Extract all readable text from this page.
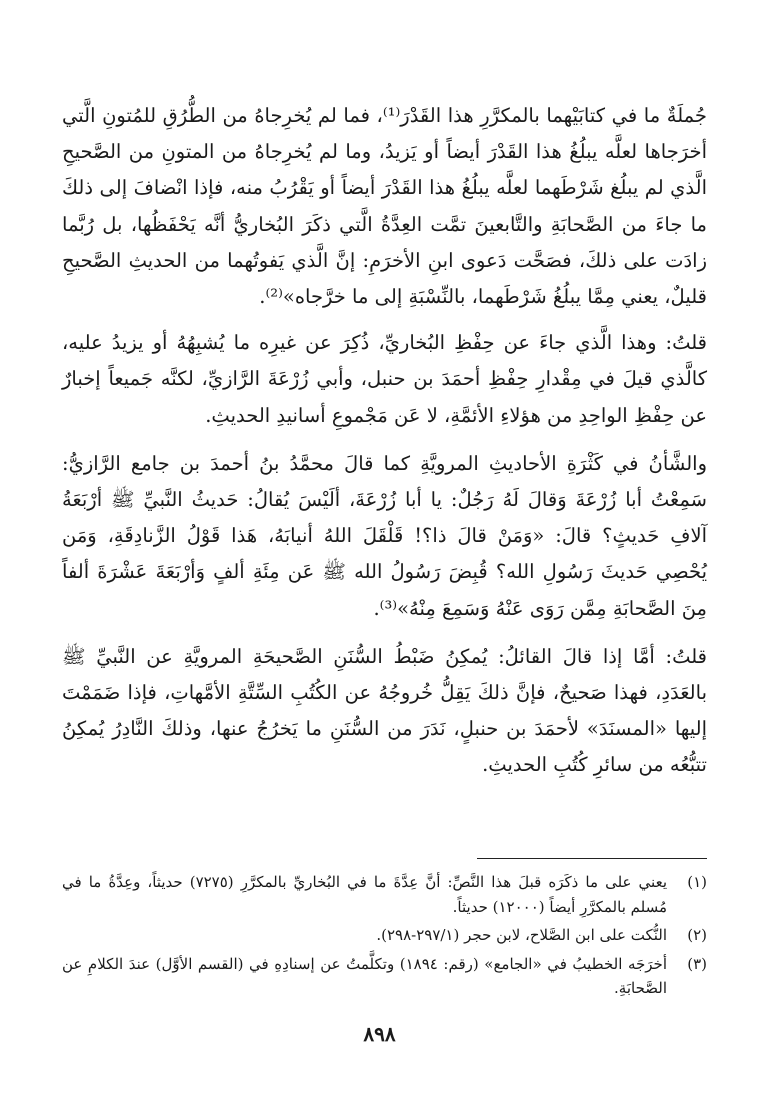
جُملَةٌ ما في كتابَيْهما بالمكرَّرِ هذا القَدْرَ⁽¹⁾، فما لم يُخرِجاهُ من الطُّرُقِ للمُتونِ الَّتي أخرَجاها لعلَّه يبلُغُ هذا القَدْرَ أيضاً أو يَزيدُ، وما لم يُخرِجاهُ من المتونِ من الصَّحيحِ الَّذي لم يبلُغ شَرْطَهما لعلَّه يبلُغُ هذا القَدْرَ أيضاً أو يَقْرُبُ منه، فإذا انْضافَ إلى ذلكَ ما جاءَ من الصَّحابَةِ والتَّابعينَ تمَّت العِدَّةُ الَّتي ذكَرَ البُخاريُّ أنَّه يَحْفَظُها، بل رُبَّما زادَت على ذلكَ، فصَحَّت دَعوى ابنِ الأخرَمِ: إنَّ الَّذي يَفوتُهما من الحديثِ الصَّحيحِ قليلٌ، يعني مِمَّا يبلُغُ شَرْطَهما، بالنِّسْبَةِ إلى ما خرَّجاه»⁽²⁾.

قلتُ: وهذا الَّذي جاءَ عن حِفْظِ البُخاريِّ، ذُكِرَ عن غيرِه ما يُشبِهُهُ أو يزيدُ عليه، كالَّذي قيلَ في مِقْدارِ حِفْظِ أحمَدَ بن حنبل، وأبي زُرْعَةَ الرَّازيِّ، لكنَّه جَميعاً إخبارٌ عن حِفْظِ الواحِدِ من هؤلاءِ الأئمَّةِ، لا عَن مَجْموعِ أسانيدِ الحديثِ.

والشَّأنُ في كَثْرَةِ الأحاديثِ المرويَّةِ كما قالَ محمَّدُ بنُ أحمدَ بن جامع الرَّازيُّ: سَمِعْتُ أبا زُرْعَةَ وَقالَ لَهُ رَجُلٌ: يا أبا زُرْعَةَ، ألَيْسَ يُقالُ: حَديثُ النَّبيِّ ﷺ أرْبَعَةُ آلافِ حَديثٍ؟ قالَ: «وَمَنْ قالَ ذا؟! قَلْقَلَ اللهُ أنيابَهُ، هَذا قَوْلُ الزَّنادِقَةِ، وَمَن يُحْصِي حَديثَ رَسُولِ الله؟ قُبِضَ رَسُولُ الله ﷺ عَن مِئَةِ ألفٍ وَأرْبَعَةَ عَشْرَةَ ألفاً مِنَ الصَّحابَةِ مِمَّن رَوَى عَنْهُ وَسَمِعَ مِنْهُ»⁽³⁾.

قلتُ: أمَّا إذا قالَ القائلُ: يُمكِنُ ضَبْطُ السُّنَنِ الصَّحيحَةِ المرويَّةِ عن النَّبيِّ ﷺ بالعَدَدِ، فهذا صَحيحٌ، فإنَّ ذلكَ يَقِلُّ خُروجُهُ عن الكُتُبِ السِّتَّةِ الأمَّهاتِ، فإذا ضَمَمْتَ إليها «المسنَدَ» لأحمَدَ بن حنبلٍ، نَدَرَ من السُّنَنِ ما يَخرُجُ عنها، وذلكَ النَّادِرُ يُمكِنُ تتبُّعُه من سائرِ كُتُبِ الحديثِ.

(١)
يعني على ما ذكَرَه قبلَ هذا النَّصِّ: أنَّ عِدَّةَ ما في البُخاريِّ بالمكرَّرِ (٧٢٧٥) حديثاً، وعِدَّةُ ما في مُسلم بالمكرَّرِ أيضاً (١٢٠٠٠) حديثاً.
(٢)
النُّكت على ابن الصَّلاح، لابن حجر (٢٩٧/١-٢٩٨).
(٣)
أخرَجَه الخطيبُ في «الجامع» (رقم: ١٨٩٤) وتكلَّمتُ عن إسنادِهِ في (القسم الأوَّل) عندَ الكلامِ عن الصَّحابَةِ.
٨٩٨
